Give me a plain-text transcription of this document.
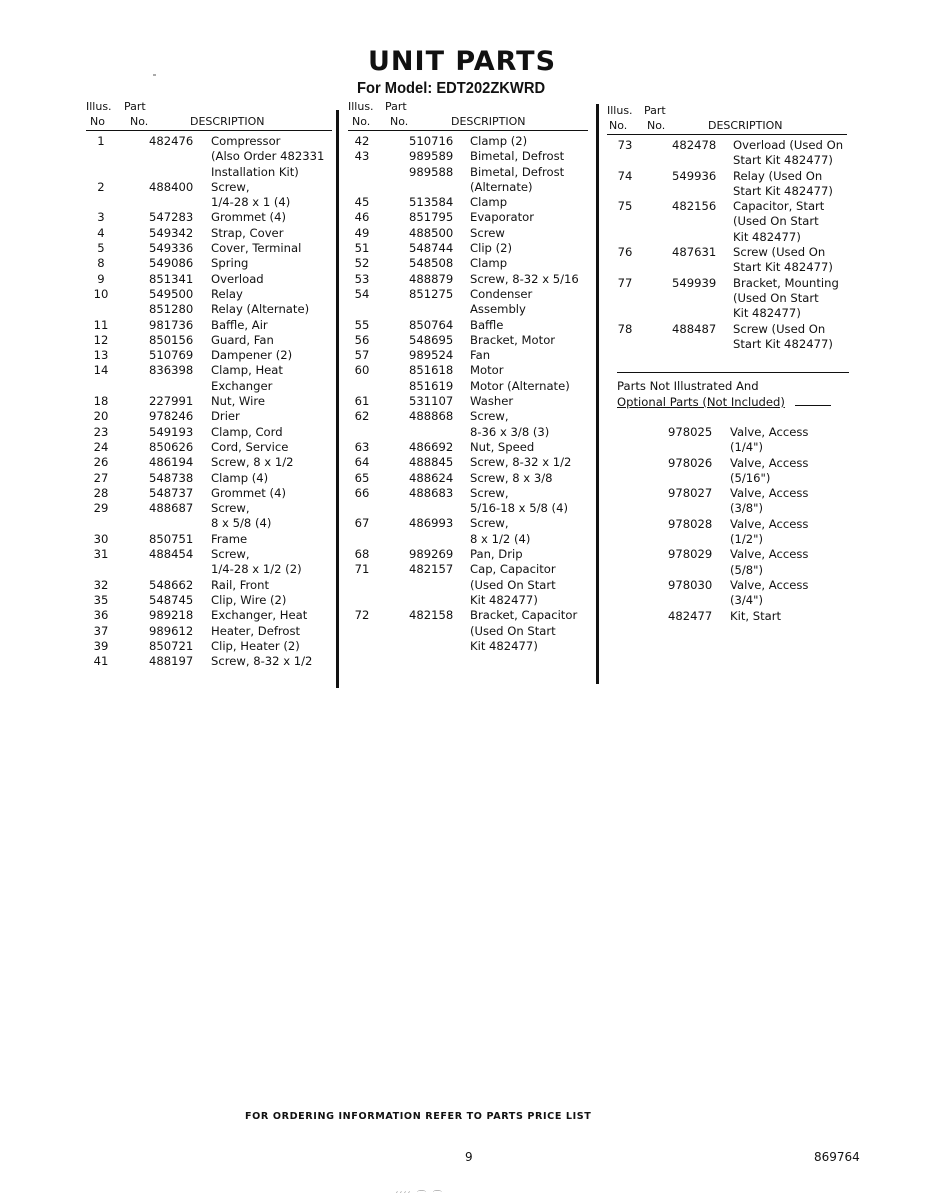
UNIT PARTS
For Model: EDT202ZKWRD
Illus. Part
No No.	DESCRIPTION
1	482476 Compressor
(Also Order 482331
Installation Kit)
2	488400 Screw,
1/4-28 x 1 (4)
3	547283 Grommet (4)
4	549342 Strap, Cover
5	549336 Cover, Terminal
8	549086 Spring
9	851341 Overload
10	549500 Relay
851280 Relay (Alternate)
11	981736 Baffle, Air
12	850156 Guard, Fan
13	510769 Dampener (2)
14	836398 Clamp, Heat
Exchanger
18	227991 Nut, Wire
20	978246 Drier
23	549193 Clamp, Cord
24	850626 Cord, Service
26	486194 Screw, 8 x 1/2
27	548738 Clamp (4)
28	548737 Grommet (4)
29	488687 Screw,
8 x 5/8 (4)
30	850751 Frame
31	488454 Screw,
1/4-28 x 1/2 (2)
32	548662 Rail, Front
35	548745 Clip, Wire (2)
36	989218 Exchanger, Heat
37	989612 Heater, Defrost
39	850721 Clip, Heater (2)
41	488197 Screw, 8-32 x 1/2
Illus. Part
No. No.	DESCRIPTION
42	510716 Clamp (2)
43	989589 Bimetal, Defrost
989588 Bimetal, Defrost
(Alternate)
45	513584 Clamp
46	851795 Evaporator
49	488500 Screw
51	548744 Clip (2)
52	548508 Clamp
53	488879 Screw, 8-32 x 5/16
54	851275 Condenser
Assembly
55	850764 Baffle
56	548695 Bracket, Motor
57	989524 Fan
60	851618 Motor
851619 Motor (Alternate)
61	531107 Washer
62	488868 Screw,
8-36 x 3/8 (3)
63	486692 Nut, Speed
64	488845 Screw, 8-32 x 1/2
65	488624 Screw, 8 x 3/8
66	488683 Screw,
5/16-18 x 5/8 (4)
67	486993 Screw,
8 x 1/2 (4)
68	989269 Pan, Drip
71	482157 Cap, Capacitor
(Used On Start
Kit 482477)
72	482158 Bracket, Capacitor
(Used On Start
Kit 482477)
Illus. Part
No. No.	DESCRIPTION
73	482478 Overload (Used On
Start Kit 482477)
74	549936 Relay (Used On
Start Kit 482477)
75	482156 Capacitor, Start
(Used On Start
Kit 482477)
76	487631 Screw (Used On
Start Kit 482477)
77	549939 Bracket, Mounting
(Used On Start
Kit 482477)
78	488487 Screw (Used On
Start Kit 482477)
Parts Not Illustrated And
Optional Parts (Not Included)
978025 Valve, Access
(1/4")
978026 Valve, Access
(5/16")
978027 Valve, Access
(3/8")
978028 Valve, Access
(1/2")
978029 Valve, Access
(5/8")
978030 Valve, Access
(3/4")
482477 Kit, Start
FOR ORDERING INFORMATION REFER TO PARTS PRICE LIST
9	869764
′′′′ ⌒ ⌒
